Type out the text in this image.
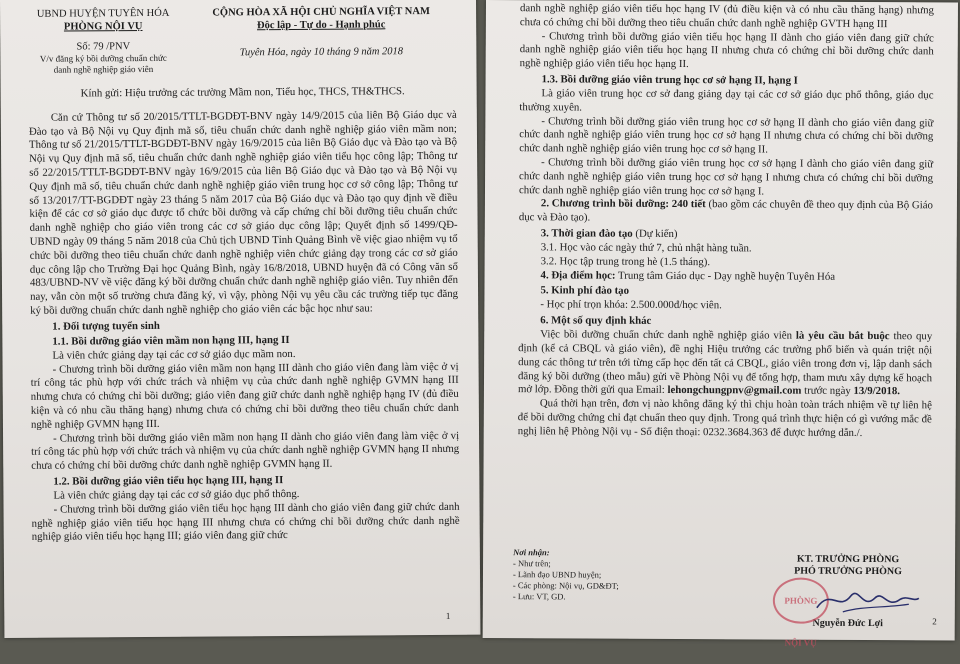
UBND HUYỆN TUYÊN HÓA
PHÒNG NỘI VỤ
Số: 79 /PNV
V/v đăng ký bồi dưỡng chuẩn chức
danh nghề nghiệp giáo viên
CỘNG HÒA XÃ HỘI CHỦ NGHĨA VIỆT NAM
Độc lập - Tự do - Hạnh phúc
Tuyên Hóa, ngày 10 tháng 9 năm 2018

Kính gửi: Hiệu trưởng các trường Mầm non, Tiểu học, THCS, TH&THCS.

Căn cứ Thông tư số 20/2015/TTLT-BGDĐT-BNV ngày 14/9/2015 của liên Bộ Giáo dục và Đào tạo và Bộ Nội vụ Quy định mã số, tiêu chuẩn chức danh nghề nghiệp giáo viên mầm non; Thông tư số 21/2015/TTLT-BGDĐT-BNV ngày 16/9/2015 của liên Bộ Giáo dục và Đào tạo và Bộ Nội vụ Quy định mã số, tiêu chuẩn chức danh nghề nghiệp giáo viên tiểu học công lập; Thông tư số 22/2015/TTLT-BGDĐT-BNV ngày 16/9/2015 của liên Bộ Giáo dục và Đào tạo và Bộ Nội vụ Quy định mã số, tiêu chuẩn chức danh nghề nghiệp giáo viên trung học cơ sở công lập; Thông tư số 13/2017/TT-BGDĐT ngày 23 tháng 5 năm 2017 của Bộ Giáo dục và Đào tạo quy định về điều kiện để các cơ sở giáo dục được tổ chức bồi dưỡng và cấp chứng chỉ bồi dưỡng tiêu chuẩn chức danh nghề nghiệp cho giáo viên trong các cơ sở giáo dục công lập; Quyết định số 1499/QĐ-UBND ngày 09 tháng 5 năm 2018 của Chủ tịch UBND Tỉnh Quảng Bình về việc giao nhiệm vụ tổ chức bồi dưỡng theo tiêu chuẩn chức danh nghề nghiệp viên chức giảng dạy trong các cơ sở giáo dục công lập cho Trường Đại học Quảng Bình, ngày 16/8/2018, UBND huyện đã có Công văn số 483/UBND-NV về việc đăng ký bồi dưỡng chuẩn chức danh nghề nghiệp giáo viên. Tuy nhiên đến nay, vẫn còn một số trường chưa đăng ký, vì vậy, phòng Nội vụ yêu cầu các trường tiếp tục đăng ký bồi dưỡng chuẩn chức danh nghề nghiệp cho giáo viên các bậc học như sau:

1. Đối tượng tuyển sinh
1.1. Bồi dưỡng giáo viên mầm non hạng III, hạng II

Là viên chức giảng dạy tại các cơ sở giáo dục mầm non.

- Chương trình bồi dưỡng giáo viên mầm non hạng III dành cho giáo viên đang làm việc ở vị trí công tác phù hợp với chức trách và nhiệm vụ của chức danh nghề nghiệp GVMN hạng III nhưng chưa có chứng chỉ bồi dưỡng; giáo viên đang giữ chức danh nghề nghiệp hạng IV (đủ điều kiện và có nhu cầu thăng hạng) nhưng chưa có chứng chỉ bồi dưỡng theo tiêu chuẩn chức danh nghề nghiệp GVMN hạng III.

- Chương trình bồi dưỡng giáo viên mầm non hạng II dành cho giáo viên đang làm việc ở vị trí công tác phù hợp với chức trách và nhiệm vụ của chức danh nghề nghiệp GVMN hạng II nhưng chưa có chứng chỉ bồi dưỡng chức danh nghề nghiệp GVMN hạng II.

1.2. Bồi dưỡng giáo viên tiểu học hạng III, hạng II

Là viên chức giảng dạy tại các cơ sở giáo dục phổ thông.

- Chương trình bồi dưỡng giáo viên tiểu học hạng III dành cho giáo viên đang giữ chức danh nghề nghiệp giáo viên tiểu học hạng III nhưng chưa có chứng chỉ bồi dưỡng chức danh nghề nghiệp giáo viên tiểu học hạng III; giáo viên đang giữ chức

1

danh nghề nghiệp giáo viên tiểu học hạng IV (đủ điều kiện và có nhu cầu thăng hạng) nhưng chưa có chứng chỉ bồi dưỡng theo tiêu chuẩn chức danh nghề nghiệp GVTH hạng III

- Chương trình bồi dưỡng giáo viên tiểu học hạng II dành cho giáo viên đang giữ chức danh nghề nghiệp giáo viên tiểu học hạng II nhưng chưa có chứng chỉ bồi dưỡng chức danh nghề nghiệp giáo viên tiểu học hạng II.

1.3. Bồi dưỡng giáo viên trung học cơ sở hạng II, hạng I

Là giáo viên trung học cơ sở đang giảng dạy tại các cơ sở giáo dục phổ thông, giáo dục thường xuyên.

- Chương trình bồi dưỡng giáo viên trung học cơ sở hạng II dành cho giáo viên đang giữ chức danh nghề nghiệp giáo viên trung học cơ sở hạng II nhưng chưa có chứng chỉ bồi dưỡng chức danh nghề nghiệp giáo viên trung học cơ sở hạng II.

- Chương trình bồi dưỡng giáo viên trung học cơ sở hạng I dành cho giáo viên đang giữ chức danh nghề nghiệp giáo viên trung học cơ sở hạng I nhưng chưa có chứng chỉ bồi dưỡng chức danh nghề nghiệp giáo viên trung học cơ sở hạng I.

2. Chương trình bồi dưỡng: 240 tiết (bao gồm các chuyên đề theo quy định của Bộ Giáo dục và Đào tạo).

3. Thời gian đào tạo (Dự kiến)

3.1. Học vào các ngày thứ 7, chủ nhật hàng tuần.

3.2. Học tập trung trong hè (1.5 tháng).

4. Địa điểm học: Trung tâm Giáo dục - Dạy nghề huyện Tuyên Hóa

5. Kinh phí đào tạo

- Học phí trọn khóa: 2.500.000đ/học viên.

6. Một số quy định khác

Việc bồi dưỡng chuẩn chức danh nghề nghiệp giáo viên là yêu cầu bắt buộc theo quy định (kể cả CBQL và giáo viên), đề nghị Hiệu trưởng các trường phổ biến và quán triệt nội dung các thông tư trên tới từng cấp học đến tất cả CBQL, giáo viên trong đơn vị, lập danh sách đăng ký bồi dưỡng (theo mẫu) gửi về Phòng Nội vụ để tổng hợp, tham mưu xây dựng kế hoạch mở lớp. Đồng thời gửi qua Email: lehongchungpnv@gmail.com trước ngày 13/9/2018.

Quá thời hạn trên, đơn vị nào không đăng ký thì chịu hoàn toàn trách nhiệm về tự liên hệ để bồi dưỡng chứng chỉ đạt chuẩn theo quy định. Trong quá trình thực hiện có gì vướng mắc đề nghị liên hệ Phòng Nội vụ - Số điện thoại: 0232.3684.363 để được hướng dẫn./.

Nơi nhận:
- Như trên;
- Lãnh đạo UBND huyện;
- Các phòng: Nội vụ, GD&ĐT;
- Lưu: VT, GD.
KT. TRƯỞNG PHÒNG
PHÓ TRƯỞNG PHÒNG
PHÒNG NỘI VỤ
Nguyễn Đức Lợi	2
